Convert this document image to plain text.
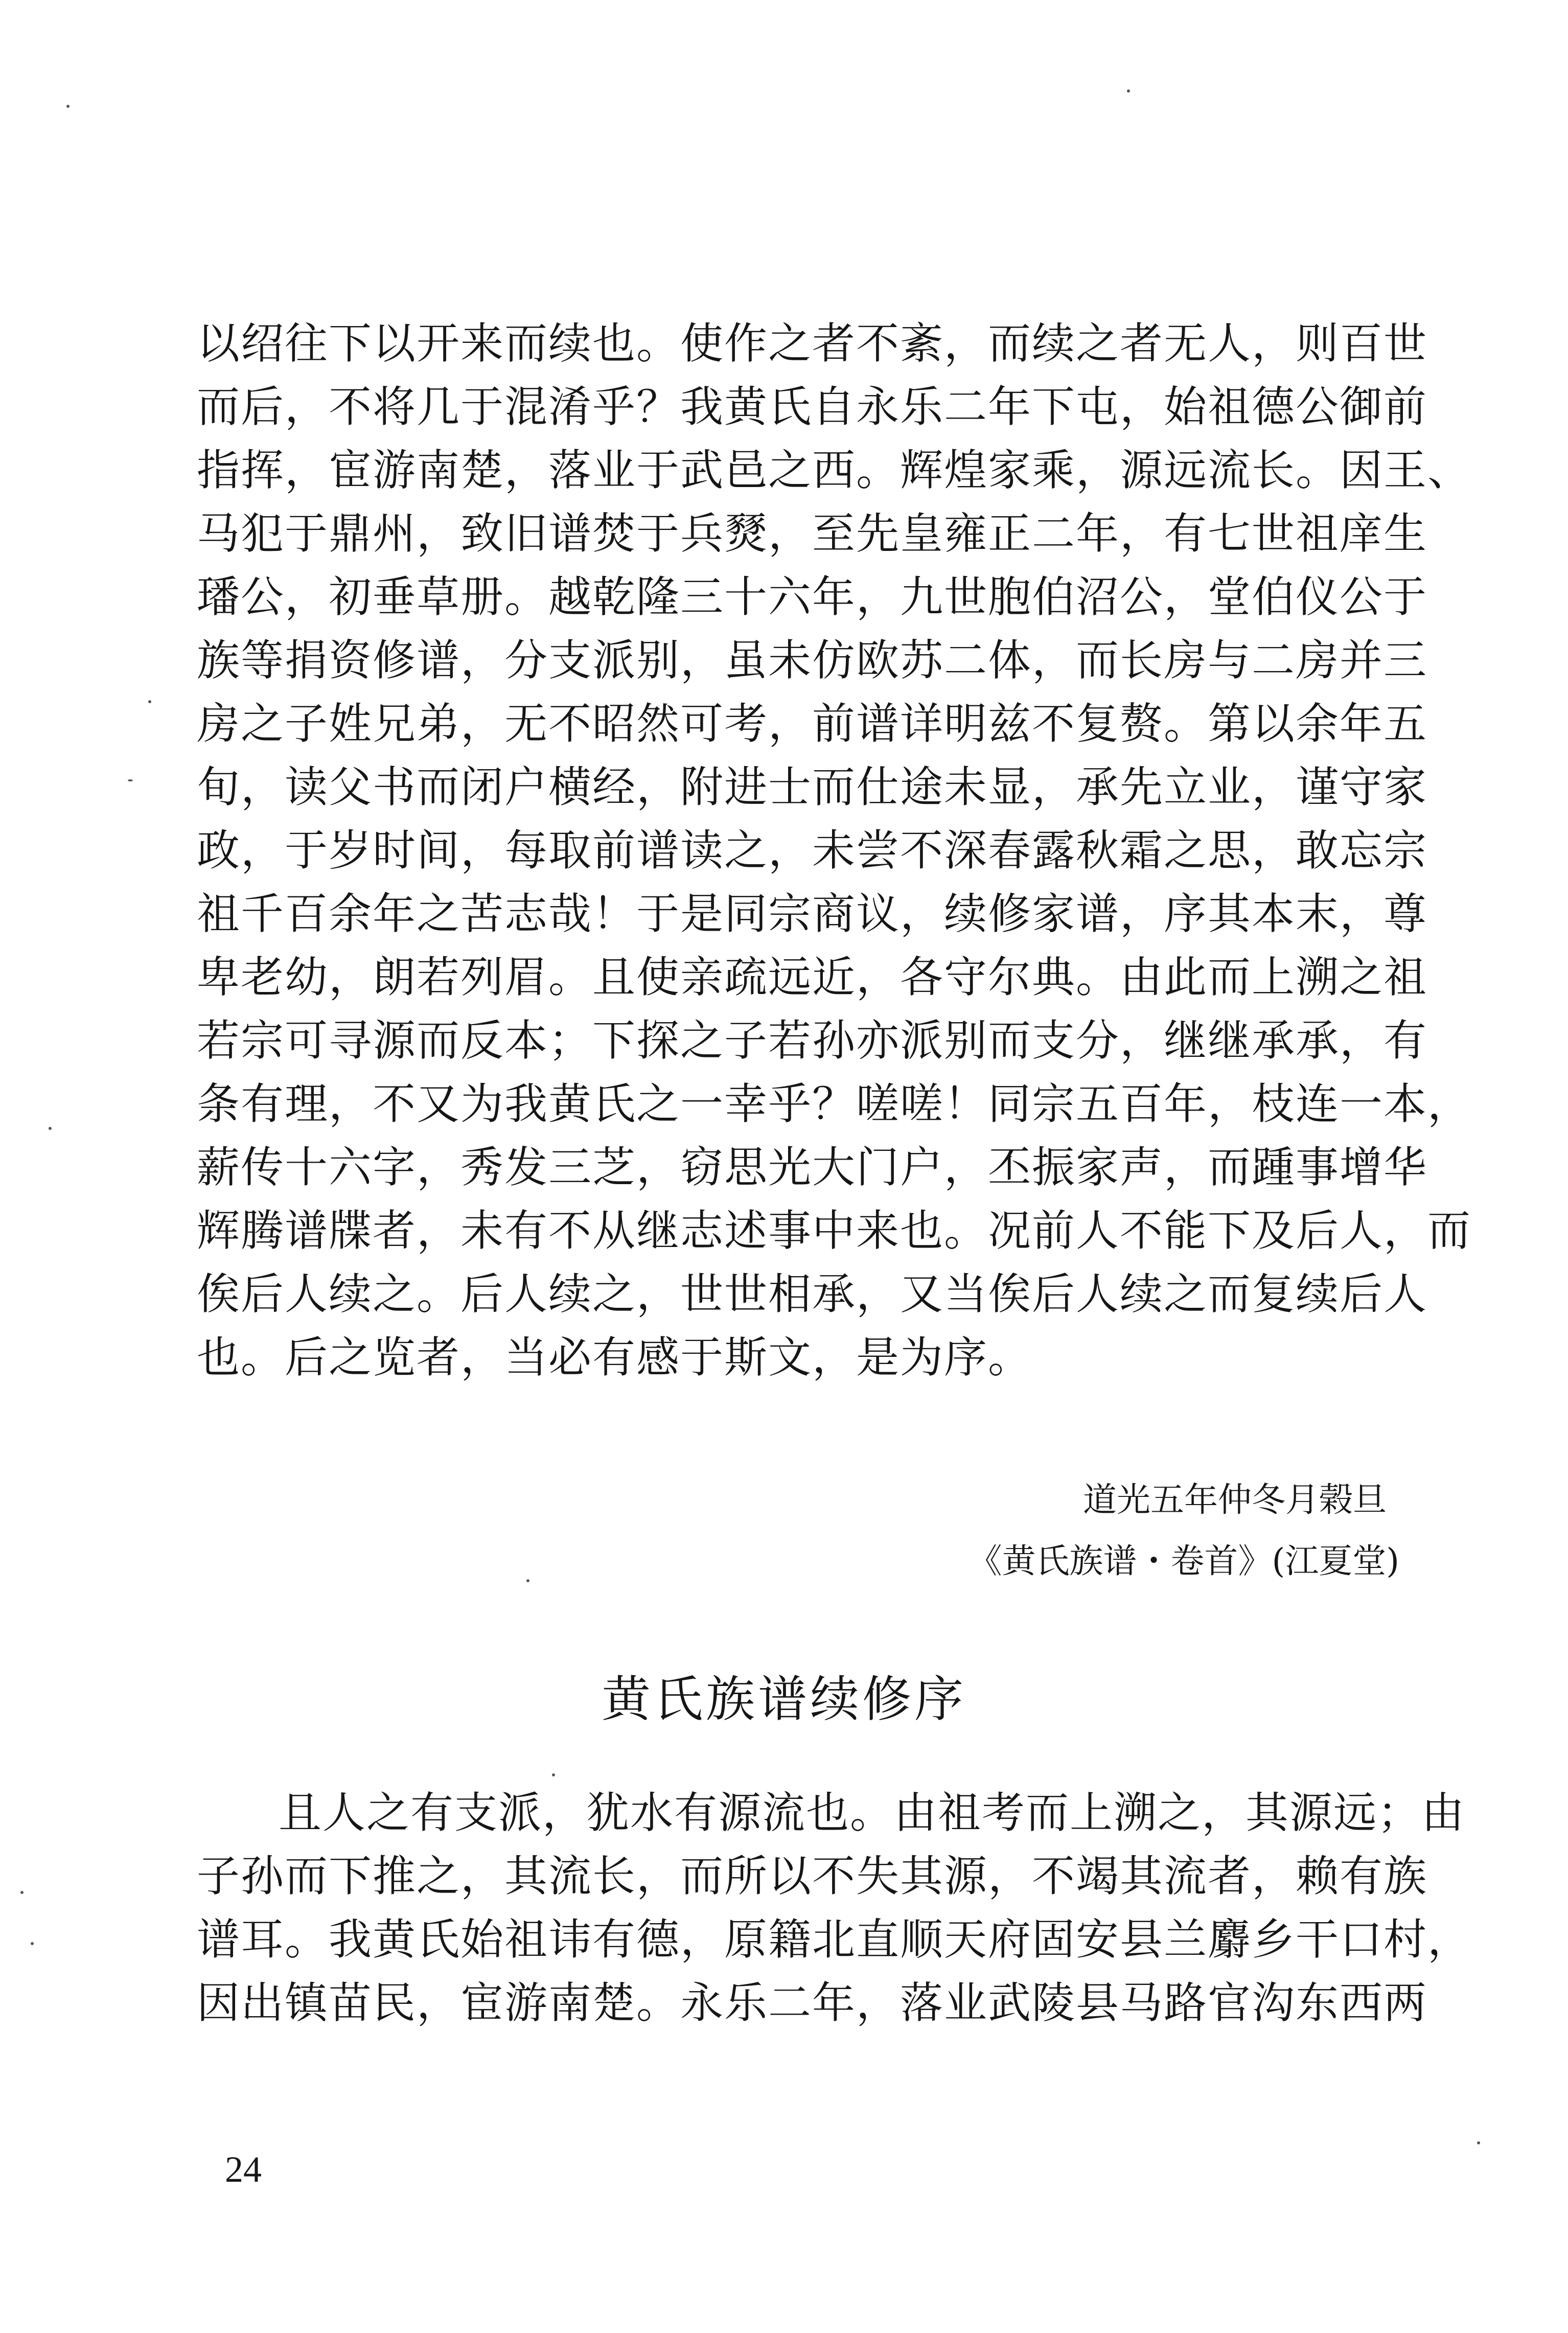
以绍往下以开来而续也。使作之者不紊，而续之者无人，则百世
而后，不将几于混淆乎？我黄氏自永乐二年下屯，始祖德公御前
指挥，宦游南楚，落业于武邑之西。辉煌家乘，源远流长。因王、
马犯于鼎州，致旧谱焚于兵燹，至先皇雍正二年，有七世祖庠生
璠公，初垂草册。越乾隆三十六年，九世胞伯沼公，堂伯仪公于
族等捐资修谱，分支派别，虽未仿欧苏二体，而长房与二房并三
房之子姓兄弟，无不昭然可考，前谱详明兹不复赘。第以余年五
旬，读父书而闭户横经，附进士而仕途未显，承先立业，谨守家
政，于岁时间，每取前谱读之，未尝不深春露秋霜之思，敢忘宗
祖千百余年之苦志哉！于是同宗商议，续修家谱，序其本末，尊
卑老幼，朗若列眉。且使亲疏远近，各守尔典。由此而上溯之祖
若宗可寻源而反本；下探之子若孙亦派别而支分，继继承承，有
条有理，不又为我黄氏之一幸乎？嗟嗟！同宗五百年，枝连一本，
薪传十六字，秀发三芝，窃思光大门户，丕振家声，而踵事增华
辉腾谱牒者，未有不从继志述事中来也。况前人不能下及后人，而
俟后人续之。后人续之，世世相承，又当俟后人续之而复续后人
也。后之览者，当必有感于斯文，是为序。
道光五年仲冬月榖旦
《黄氏族谱・卷首》(江夏堂)
黄氏族谱续修序
且人之有支派，犹水有源流也。由祖考而上溯之，其源远；由
子孙而下推之，其流长，而所以不失其源，不竭其流者，赖有族
谱耳。我黄氏始祖讳有德，原籍北直顺天府固安县兰麝乡干口村，
因出镇苗民，宦游南楚。永乐二年，落业武陵县马路官沟东西两
24
